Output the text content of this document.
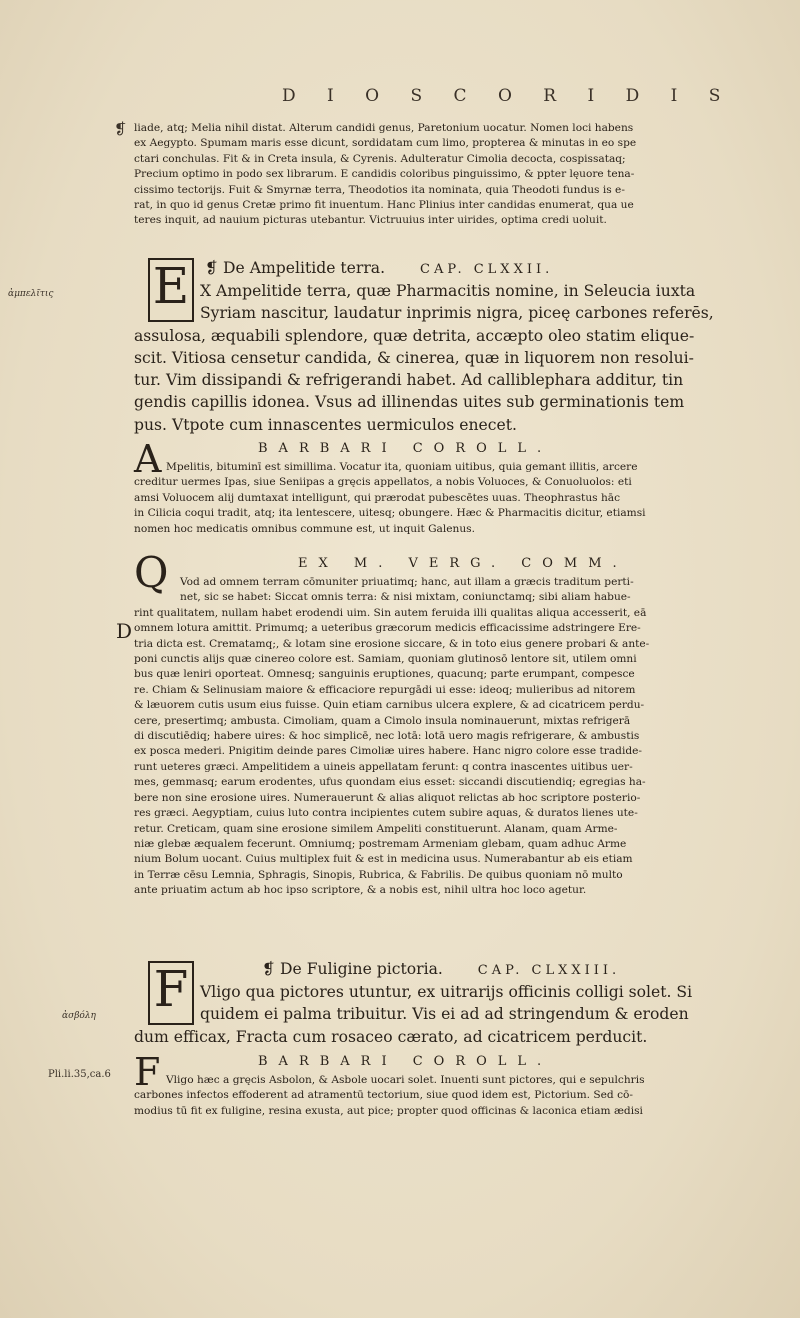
D I O S C O R I D I S
❡
ἀμπελῖτις
D
ἀσβόλη
Pli.li.35,ca.6
liade, atq; Melia nihil distat. Alterum candidi genus, Paretonium uocatur. Nomen loci habens
ex Aegypto. Spumam maris esse dicunt, sordidatam cum limo, propterea & minutas in eo spe
ctari conchulas. Fit & in Creta insula, & Cyrenis. Adulteratur Cimolia decocta, cospissataq;
Precium optimo in podo sex librarum. E candidis coloribus pinguissimo, & ppter lęuore tena-
cissimo tectorijs. Fuit & Smyrnæ terra, Theodotios ita nominata, quia Theodoti fundus is e-
rat, in quo id genus Cretæ primo fit inuentum. Hanc Plinius inter candidas enumerat, qua ue
teres inquit, ad nauium picturas utebantur. Victruuius inter uirides, optima credi uoluit.
E	❡ De Ampelitide terra.	CAP. CLXXII.
X Ampelitide terra, quæ Pharmacitis nomine, in Seleucia iuxta
Syriam nascitur, laudatur inprimis nigra, piceę carbones referēs,
assulosa, æquabili splendore, quæ detrita, accæpto oleo statim elique-
scit. Vitiosa censetur candida, & cinerea, quæ in liquorem non resolui-
tur. Vim dissipandi & refrigerandi habet. Ad calliblephara additur, tin
gendis capillis idonea. Vsus ad illinendas uites sub germinationis tem
pus. Vtpote cum innascentes uermiculos enecet.
A	BARBARI COROLL.
Mpelitis, bituminī est simillima. Vocatur ita, quoniam uitibus, quia gemant illitis, arcere
creditur uermes Ipas, siue Seniipas a gręcis appellatos, a nobis Voluoces, & Conuoluolos: eti
amsi Voluocem alij dumtaxat intelligunt, qui prærodat pubescētes uuas. Theophrastus hāc
in Cilicia coqui tradit, atq; ita lentescere, uitesq; obungere. Hæc & Pharmacitis dicitur, etiamsi
nomen hoc medicatis omnibus commune est, ut inquit Galenus.
Q	EX M. VERG. COMM.
Vod ad omnem terram cōmuniter priuatimq; hanc, aut illam a græcis traditum perti-
net, sic se habet: Siccat omnis terra: & nisi mixtam, coniunctamq; sibi aliam habue-
rint qualitatem, nullam habet erodendi uim. Sin autem feruida illi qualitas aliqua accesserit, eā
omnem lotura amittit. Primumq; a ueteribus græcorum medicis efficacissime adstringere Ere-
tria dicta est. Crematamq;, & lotam sine erosione siccare, & in toto eius genere probari & ante-
poni cunctis alijs quæ cinereo colore est. Samiam, quoniam glutinosō lentore sit, utilem omni
bus quæ leniri oporteat. Omnesq; sanguinis eruptiones, quacunq; parte erumpant, compesce
re. Chiam & Selinusiam maiore & efficaciore repurgādi ui esse: ideoq; mulieribus ad nitorem
& læuorem cutis usum eius fuisse. Quin etiam carnibus ulcera explere, & ad cicatricem perdu-
cere, presertimq; ambusta. Cimoliam, quam a Cimolo insula nominauerunt, mixtas refrigerā
di discutiēdiq; habere uires: & hoc simplicē, nec lotā: lotā uero magis refrigerare, & ambustis
ex posca mederi. Pnigitim deinde pares Cimoliæ uires habere. Hanc nigro colore esse tradide-
runt ueteres græci. Ampelitidem a uineis appellatam ferunt: q contra inascentes uitibus uer-
mes, gemmasq; earum erodentes, ufus quondam eius esset: siccandi discutiendiq; egregias ha-
bere non sine erosione uires. Numerauerunt & alias aliquot relictas ab hoc scriptore posterio-
res græci. Aegyptiam, cuius luto contra incipientes cutem subire aquas, & duratos lienes ute-
retur. Creticam, quam sine erosione similem Ampeliti constituerunt. Alanam, quam Arme-
niæ glebæ æqualem fecerunt. Omniumq; postremam Armeniam glebam, quam adhuc Arme
nium Bolum uocant. Cuius multiplex fuit & est in medicina usus. Numerabantur ab eis etiam
in Terræ cēsu Lemnia, Sphragis, Sinopis, Rubrica, & Fabrilis. De quibus quoniam nō multo
ante priuatim actum ab hoc ipso scriptore, & a nobis est, nihil ultra hoc loco agetur.
F	❡ De Fuligine pictoria.	CAP. CLXXIII.
Vligo qua pictores utuntur, ex uitrarijs officinis colligi solet. Si
quidem ei palma tribuitur. Vis ei ad ad stringendum & eroden
dum efficax, Fracta cum rosaceo cærato, ad cicatricem perducit.
F	BARBARI COROLL.
Vligo hæc a gręcis Asbolon, & Asbole uocari solet. Inuenti sunt pictores, qui e sepulchris
carbones infectos effoderent ad atramentū tectorium, siue quod idem est, Pictorium. Sed cō-
modius tū fit ex fuligine, resina exusta, aut pice; propter quod officinas & laconica etiam ædisi
